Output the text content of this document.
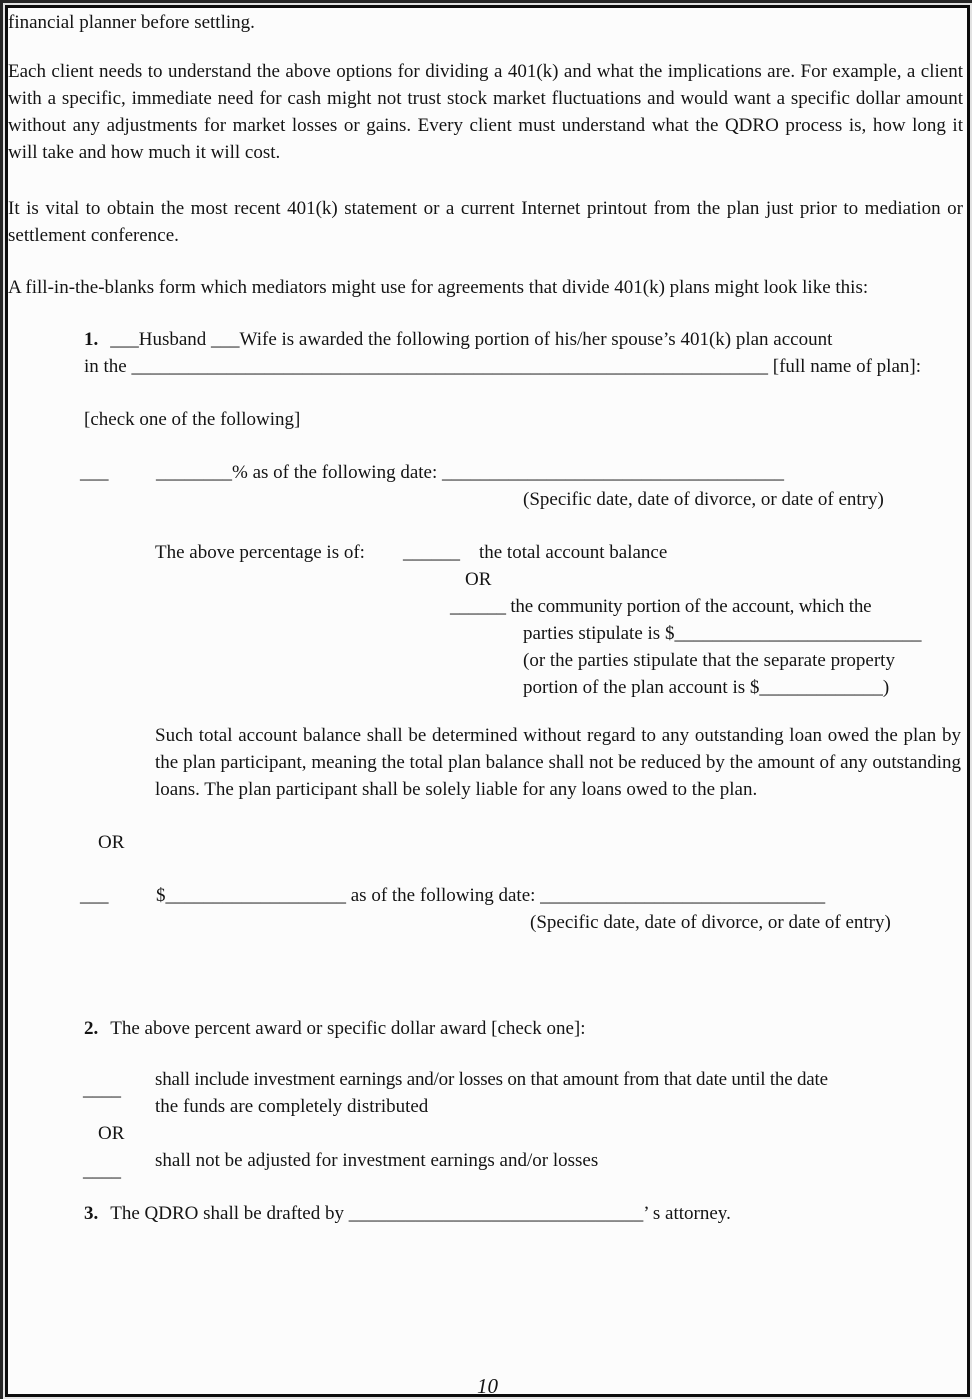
financial planner before settling.

Each client needs to understand the above options for dividing a 401(k) and what the implications are. For example, a client with a specific, immediate need for cash might not trust stock market fluctuations and would want a specific dollar amount without any adjustments for market losses or gains. Every client must understand what the QDRO process is, how long it will take and how much it will cost.

It is vital to obtain the most recent 401(k) statement or a current Internet printout from the plan just prior to mediation or settlement conference.

A fill-in-the-blanks form which mediators might use for agreements that divide 401(k) plans might look like this:

1. ___Husband ___Wife is awarded the following portion of his/her spouse’s 401(k) plan account
in the ___________________________________________________________________ [full name of plan]:
[check one of the following]
___          ________% as of the following date: ____________________________________
(Specific date, date of divorce, or date of entry)
The above percentage is of:        ______    the total account balance
OR
______ the community portion of the account, which the
parties stipulate is $__________________________
(or the parties stipulate that the separate property
portion of the plan account is $_____________)

Such total account balance shall be determined without regard to any outstanding loan owed the plan by the plan participant, meaning the total plan balance shall not be reduced by the amount of any outstanding loans. The plan participant shall be solely liable for any loans owed to the plan.

OR
___          $___________________ as of the following date: ______________________________
(Specific date, date of divorce, or date of entry)
2. The above percent award or specific dollar award [check one]:
____	shall include investment earnings and/or losses on that amount from that date until the date
the funds are completely distributed
OR
____	shall not be adjusted for investment earnings and/or losses
3. The QDRO shall be drafted by _______________________________’ s attorney.
10
